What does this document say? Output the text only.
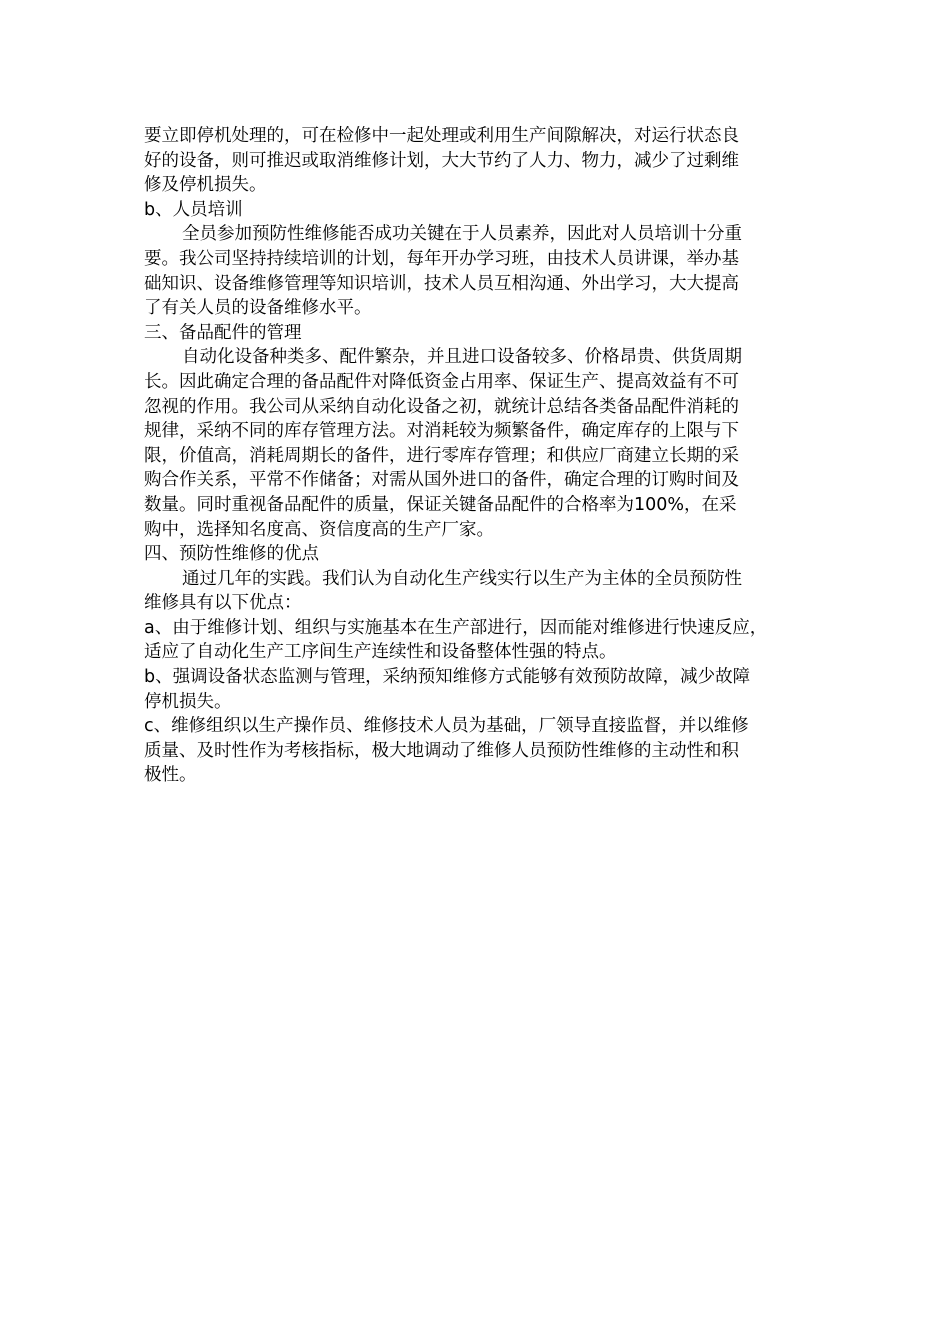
要立即停机处理的，可在检修中一起处理或利用生产间隙解决，对运行状态良
好的设备，则可推迟或取消维修计划，大大节约了人力、物力，减少了过剩维
修及停机损失。
b、人员培训
全员参加预防性维修能否成功关键在于人员素养，因此对人员培训十分重
要。我公司坚持持续培训的计划，每年开办学习班，由技术人员讲课，举办基
础知识、设备维修管理等知识培训，技术人员互相沟通、外出学习，大大提高
了有关人员的设备维修水平。
三、备品配件的管理
自动化设备种类多、配件繁杂，并且进口设备较多、价格昂贵、供货周期
长。因此确定合理的备品配件对降低资金占用率、保证生产、提高效益有不可
忽视的作用。我公司从采纳自动化设备之初，就统计总结各类备品配件消耗的
规律，采纳不同的库存管理方法。对消耗较为频繁备件，确定库存的上限与下
限，价值高，消耗周期长的备件，进行零库存管理；和供应厂商建立长期的采
购合作关系，平常不作储备；对需从国外进口的备件，确定合理的订购时间及
数量。同时重视备品配件的质量，保证关键备品配件的合格率为100%，在采
购中，选择知名度高、资信度高的生产厂家。
四、预防性维修的优点
通过几年的实践。我们认为自动化生产线实行以生产为主体的全员预防性
维修具有以下优点：
a、由于维修计划、组织与实施基本在生产部进行，因而能对维修进行快速反应，
适应了自动化生产工序间生产连续性和设备整体性强的特点。
b、强调设备状态监测与管理，采纳预知维修方式能够有效预防故障，减少故障
停机损失。
c、维修组织以生产操作员、维修技术人员为基础，厂领导直接监督，并以维修
质量、及时性作为考核指标，极大地调动了维修人员预防性维修的主动性和积
极性。
